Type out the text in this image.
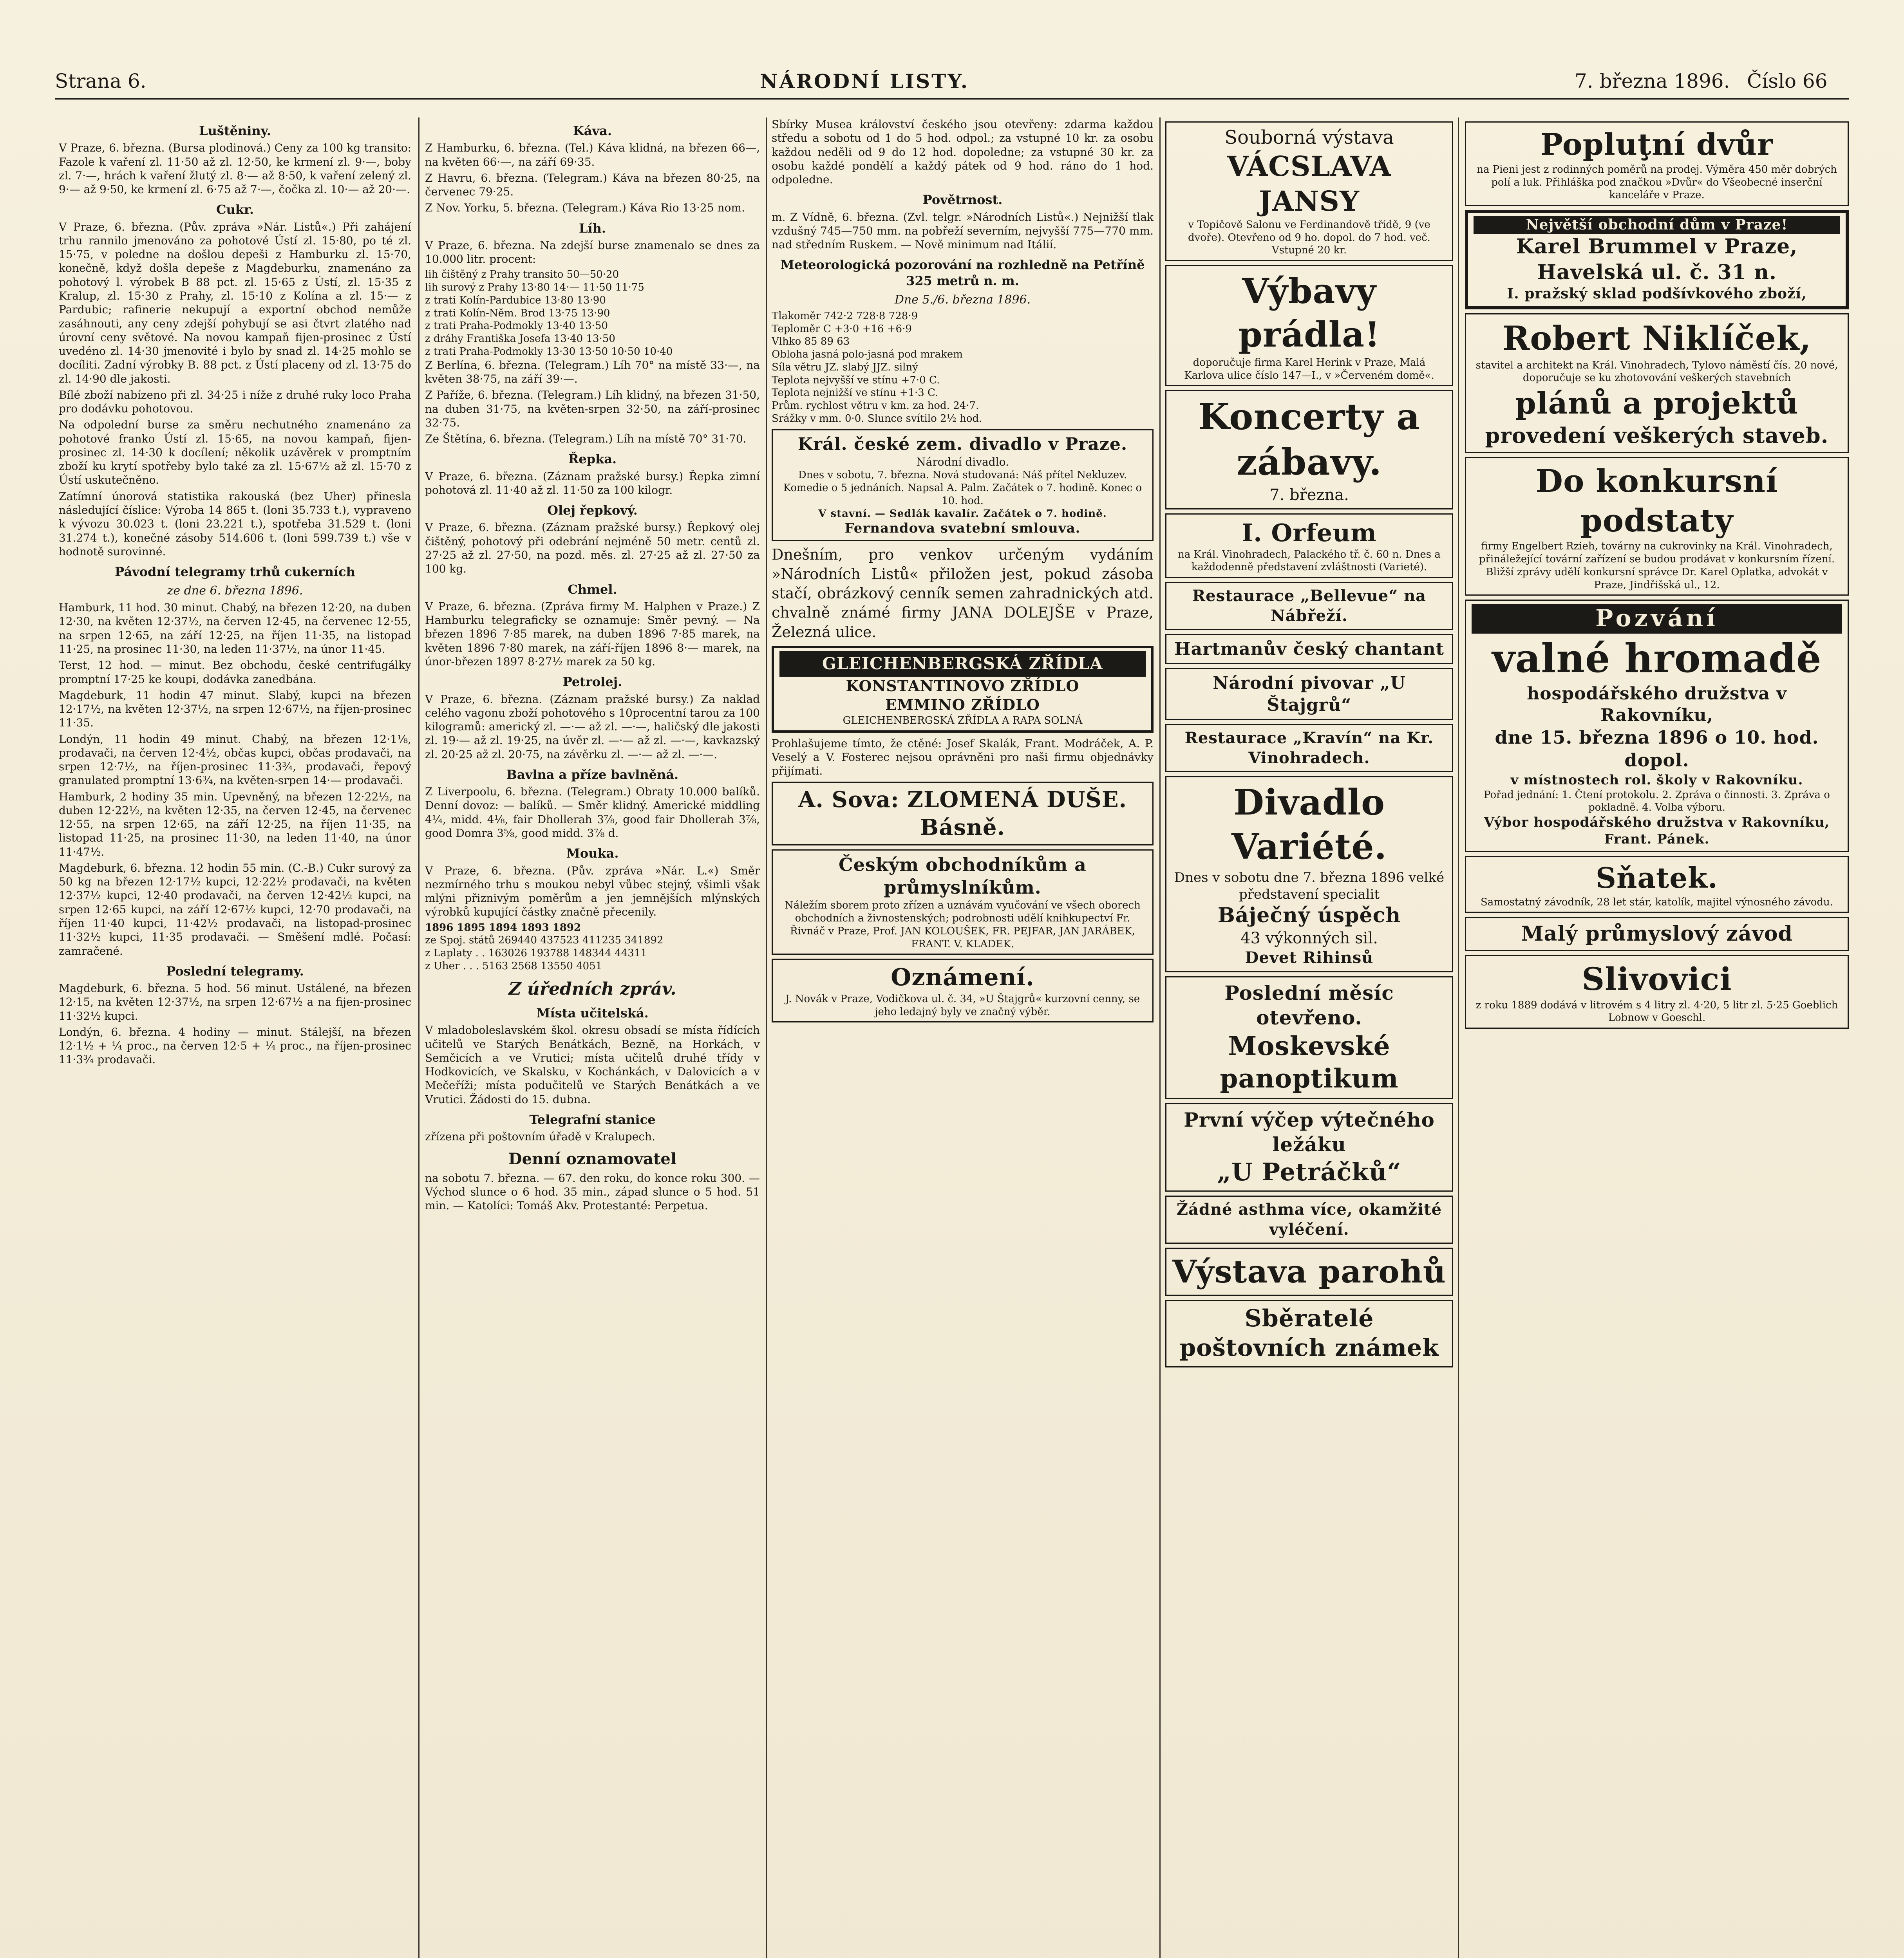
Strana 6.	NÁRODNÍ LISTY.	7. března 1896. Číslo 66
Luštěniny.

V Praze, 6. března. (Bursa plodinová.) Ceny za 100 kg transito: Fazole k vaření zl. 11·50 až zl. 12·50, ke krmení zl. 9·—, boby zl. 7·—, hrách k vaření žlutý zl. 8·— až 8·50, k vaření zelený zl. 9·— až 9·50, ke krmení zl. 6·75 až 7·—, čočka zl. 10·— až 20·—.

Cukr.

V Praze, 6. března. (Pův. zpráva »Nár. Listů«.) Při zahájení trhu rannilo jmenováno za pohotové Ústí zl. 15·80, po té zl. 15·75, v poledne na došlou depeši z Hamburku zl. 15·70, konečně, když došla depeše z Magdeburku, znamenáno za pohotový l. výrobek B 88 pct. zl. 15·65 z Ústí, zl. 15·35 z Kralup, zl. 15·30 z Prahy, zl. 15·10 z Kolína a zl. 15·— z Pardubic; rafinerie nekupují a exportní obchod nemůže zasáhnouti, any ceny zdejší pohybují se asi čtvrt zlatého nad úrovní ceny světové. Na novou kampaň fijen-prosinec z Ústí uvedéno zl. 14·30 jmenovité i bylo by snad zl. 14·25 mohlo se docíliti. Zadní výrobky B. 88 pct. z Ústí placeny od zl. 13·75 do zl. 14·90 dle jakosti.

Bílé zboží nabízeno při zl. 34·25 i níže z druhé ruky loco Praha pro dodávku pohotovou.

Na odpolední burse za směru nechutného znamenáno za pohotové franko Ústí zl. 15·65, na novou kampaň, fijen-prosinec zl. 14·30 k docílení; několik uzávěrek v promptním zboží ku krytí spotřeby bylo také za zl. 15·67½ až zl. 15·70 z Ústí uskutečněno.

Zatímní únorová statistika rakouská (bez Uher) přinesla následující číslice: Výroba 14 865 t. (loni 35.733 t.), vypraveno k vývozu 30.023 t. (loni 23.221 t.), spotřeba 31.529 t. (loni 31.274 t.), konečné zásoby 514.606 t. (loni 599.739 t.) vše v hodnotě surovinné.

Pávodní telegramy trhů cukerních
ze dne 6. března 1896.

Hamburk, 11 hod. 30 minut. Chabý, na březen 12·20, na duben 12·30, na květen 12·37½, na červen 12·45, na červenec 12·55, na srpen 12·65, na září 12·25, na říjen 11·35, na listopad 11·25, na prosinec 11·30, na leden 11·37½, na únor 11·45.

Terst, 12 hod. — minut. Bez obchodu, české centrifugálky promptní 17·25 ke koupi, dodávka zanedbána.

Magdeburk, 11 hodin 47 minut. Slabý, kupci na březen 12·17½, na květen 12·37½, na srpen 12·67½, na říjen-prosinec 11·35.

Londýn, 11 hodin 49 minut. Chabý, na březen 12·1⅛, prodavači, na červen 12·4½, občas kupci, občas prodavači, na srpen 12·7½, na říjen-prosinec 11·3¾, prodavači, řepový granulated promptní 13·6¾, na květen-srpen 14·— prodavači.

Hamburk, 2 hodiny 35 min. Upevněný, na březen 12·22½, na duben 12·22½, na květen 12·35, na červen 12·45, na červenec 12·55, na srpen 12·65, na září 12·25, na říjen 11·35, na listopad 11·25, na prosinec 11·30, na leden 11·40, na únor 11·47½.

Magdeburk, 6. března. 12 hodin 55 min. (C.-B.) Cukr surový za 50 kg na březen 12·17½ kupci, 12·22½ prodavači, na květen 12·37½ kupci, 12·40 prodavači, na červen 12·42½ kupci, na srpen 12·65 kupci, na září 12·67½ kupci, 12·70 prodavači, na říjen 11·40 kupci, 11·42½ prodavači, na listopad-prosinec 11·32½ kupci, 11·35 prodavači. — Směšení mdlé. Počasí: zamračené.

Poslední telegramy.

Magdeburk, 6. března. 5 hod. 56 minut. Ustálené, na březen 12·15, na květen 12·37½, na srpen 12·67½ a na fijen-prosinec 11·32½ kupci.

Londýn, 6. března. 4 hodiny — minut. Stálejší, na březen 12·1½ + ¼ proc., na červen 12·5 + ¼ proc., na říjen-prosinec 11·3¾ prodavači.

Káva.

Z Hamburku, 6. března. (Tel.) Káva klidná, na březen 66—, na květen 66·—, na září 69·35.

Z Havru, 6. března. (Telegram.) Káva na březen 80·25, na červenec 79·25.

Z Nov. Yorku, 5. března. (Telegram.) Káva Rio 13·25 nom.

Líh.

V Praze, 6. března. Na zdejší burse znamenalo se dnes za 10.000 litr. procent:

lih čištěný z Prahy transito 50—50·20
lih surový z Prahy 13·80 14·— 11·50 11·75
z trati Kolín-Pardubice 13·80 13·90
z trati Kolín-Něm. Brod 13·75 13·90
z trati Praha-Podmokly 13·40 13·50
z dráhy Františka Josefa 13·40 13·50
z trati Praha-Podmokly 13·30 13·50 10·50 10·40

Z Berlína, 6. března. (Telegram.) Líh 70° na místě 33·—, na květen 38·75, na září 39·—.

Z Paříže, 6. března. (Telegram.) Líh klidný, na březen 31·50, na duben 31·75, na květen-srpen 32·50, na září-prosinec 32·75.

Ze Štětína, 6. března. (Telegram.) Líh na místě 70° 31·70.

Řepka.

V Praze, 6. března. (Záznam pražské bursy.) Řepka zimní pohotová zl. 11·40 až zl. 11·50 za 100 kilogr.

Olej řepkový.

V Praze, 6. března. (Záznam pražské bursy.) Řepkový olej čištěný, pohotový při odebrání nejméně 50 metr. centů zl. 27·25 až zl. 27·50, na pozd. měs. zl. 27·25 až zl. 27·50 za 100 kg.

Chmel.

V Praze, 6. března. (Zpráva firmy M. Halphen v Praze.) Z Hamburku telegraficky se oznamuje: Směr pevný. — Na březen 1896 7·85 marek, na duben 1896 7·85 marek, na květen 1896 7·80 marek, na září-říjen 1896 8·— marek, na únor-březen 1897 8·27½ marek za 50 kg.

Petrolej.

V Praze, 6. března. (Záznam pražské bursy.) Za naklad celého vagonu zboží pohotového s 10procentní tarou za 100 kilogramů: americký zl. —·— až zl. —·—, haličský dle jakosti zl. 19·— až zl. 19·25, na úvěr zl. —·— až zl. —·—, kavkazský zl. 20·25 až zl. 20·75, na závěrku zl. —·— až zl. —·—.

Bavlna a příze bavlněná.

Z Liverpoolu, 6. března. (Telegram.) Obraty 10.000 balíků. Denní dovoz: — balíků. — Směr klidný. Americké middling 4¼, midd. 4⅛, fair Dhollerah 3⅞, good fair Dhollerah 3⅞, good Domra 3⅝, good midd. 3⅞ d.

Mouka.

V Praze, 6. března. (Pův. zpráva »Nár. L.«) Směr nezmírného trhu s moukou nebyl vůbec stejný, všimli však mlýni přiznivým poměrům a jen jemnějších mlýnských výrobků kupující částky značně přecenily.

1896 1895 1894 1893 1892
ze Spoj. států 269440 437523 411235 341892
z Laplaty . . 163026 193788 148344 44311
z Uher . . . 5163 2568 13550 4051
Z úředních zpráv.
Místa učitelská.

V mladoboleslavském škol. okresu obsadí se místa řídících učitelů ve Starých Benátkách, Bezně, na Horkách, v Semčicích a ve Vrutici; místa učitelů druhé třídy v Hodkovicích, ve Skalsku, v Kochánkách, v Dalovicích a v Mečeříži; místa podučitelů ve Starých Benátkách a ve Vrutici. Žádosti do 15. dubna.

Telegrafní stanice

zřízena při poštovním úřadě v Kralupech.

Denní oznamovatel

na sobotu 7. března. — 67. den roku, do konce roku 300. — Východ slunce o 6 hod. 35 min., západ slunce o 5 hod. 51 min. — Katolíci: Tomáš Akv. Protestanté: Perpetua.

Sbírky Musea království českého jsou otevřeny: zdarma každou středu a sobotu od 1 do 5 hod. odpol.; za vstupné 10 kr. za osobu každou neděli od 9 do 12 hod. dopoledne; za vstupné 30 kr. za osobu každé pondělí a každý pátek od 9 hod. ráno do 1 hod. odpoledne.

Povětrnost.

m. Z Vídně, 6. března. (Zvl. telgr. »Národních Listů«.) Nejnižší tlak vzdušný 745—750 mm. na pobřeží severním, nejvyšší 775—770 mm. nad středním Ruskem. — Nově minimum nad Itálií.

Meteorologická pozorování na rozhledně na Petříně 325 metrů n. m.
Dne 5./6. března 1896.
Tlakoměr 742·2 728·8 728·9
Teploměr C +3·0 +16 +6·9
Vlhko 85 89 63
Obloha jasná polo-jasná pod mrakem
Síla větru JZ. slabý JJZ. silný
Teplota nejvyšší ve stínu +7·0 C.
Teplota nejnižší ve stínu +1·3 C.
Prům. rychlost větru v km. za hod. 24·7.
Srážky v mm. 0·0. Slunce svítilo 2½ hod.
Král. české zem. divadlo v Praze.
Národní divadlo.
Dnes v sobotu, 7. března. Nová studovaná: Náš přítel Nekluzev. Komedie o 5 jednáních. Napsal A. Palm. Začátek o 7. hodině. Konec o 10. hod.
V stavní. — Sedlák kavalír. Začátek o 7. hodině.
Fernandova svatební smlouva.

Dnešním, pro venkov určeným vydáním »Národních Listů« přiložen jest, pokud zásoba stačí, obrázkový cenník semen zahradnických atd. chvalně známé firmy JANA DOLEJŠE v Praze, Železná ulice.

GLEICHENBERGSKÁ ZŘÍDLA
KONSTANTINOVO ZŘÍDLO
EMMINO ZŘÍDLO
GLEICHENBERGSKÁ ZŘÍDLA A RAPA SOLNÁ

Prohlašujeme tímto, že ctěné: Josef Skalák, Frant. Modráček, A. P. Veselý a V. Fosterec nejsou oprávněni pro naši firmu objednávky přijímati.

A. Sova: ZLOMENÁ DUŠE. Básně.
Českým obchodníkům a průmyslníkům.
Náležím sborem proto zřízen a uznávám vyučování ve všech oborech obchodních a živnostenských; podrobnosti udělí knihkupectví Fr. Řivnáč v Praze, Prof. JAN KOLOUŠEK, FR. PEJFAR, JAN JARÁBEK, FRANT. V. KLADEK.
Oznámení.
J. Novák v Praze, Vodičkova ul. č. 34, »U Štajgrů« kurzovní cenny, se jeho ledajný byly ve značný výběr.
Souborná výstava
VÁCSLAVA JANSY
v Topičově Salonu ve Ferdinandově třídě, 9 (ve dvoře). Otevřeno od 9 ho. dopol. do 7 hod. več. Vstupné 20 kr.
Výbavy prádla!
doporučuje firma Karel Herink v Praze, Malá Karlova ulice číslo 147—I., v »Červeném domě«.
Koncerty a zábavy.
7. března.
I. Orfeum
na Král. Vinohradech, Palackého tř. č. 60 n. Dnes a každodenně představení zvláštnosti (Varieté).
Restaurace „Bellevue“ na Nábřeží.
Hartmanův český chantant
Národní pivovar „U Štajgrů“
Restaurace „Kravín“ na Kr. Vinohradech.
Divadlo Variété.
Dnes v sobotu dne 7. března 1896 velké představení specialit
Báječný úspěch
43 výkonných sil.
Devet Rihinsů
Poslední měsíc otevřeno.
Moskevské panoptikum
První výčep výtečného ležáku
„U Petráčků“
Žádné asthma více, okamžité vyléčení.
Výstava parohů
Sběratelé poštovních známek
Popluţní dvůr
na Pieni jest z rodinných poměrů na prodej. Výměra 450 měr dobrých polí a luk. Přihláška pod značkou »Dvůr« do Všeobecné inserční kanceláře v Praze.
Největší obchodní dům v Praze!
Karel Brummel v Praze, Havelská ul. č. 31 n.
I. pražský sklad podšívkového zboží,
Robert Niklíček,
stavitel a architekt na Král. Vinohradech, Tylovo náměstí čís. 20 nové, doporučuje se ku zhotovování veškerých stavebních
plánů a projektů
provedení veškerých staveb.
Do konkursní podstaty
firmy Engelbert Rzieh, továrny na cukrovinky na Král. Vinohradech, přináležející tovární zařízení se budou prodávat v konkursním řízení. Bližší zprávy udělí konkursní správce Dr. Karel Oplatka, advokát v Praze, Jindřišská ul., 12.
Pozvání
valné hromadě
hospodářského družstva v Rakovníku,
dne 15. března 1896 o 10. hod. dopol.
v místnostech rol. školy v Rakovníku.
Pořad jednání: 1. Čtení protokolu. 2. Zpráva o činnosti. 3. Zpráva o pokladně. 4. Volba výboru.
Výbor hospodářského družstva v Rakovníku,
Frant. Pánek.
Sňatek.
Samostatný závodník, 28 let stár, katolík, majitel výnosného závodu.
Malý průmyslový závod
Slivovici
z roku 1889 dodává v litrovém s 4 litry zl. 4·20, 5 litr zl. 5·25 Goeblich Lobnow v Goeschl.
